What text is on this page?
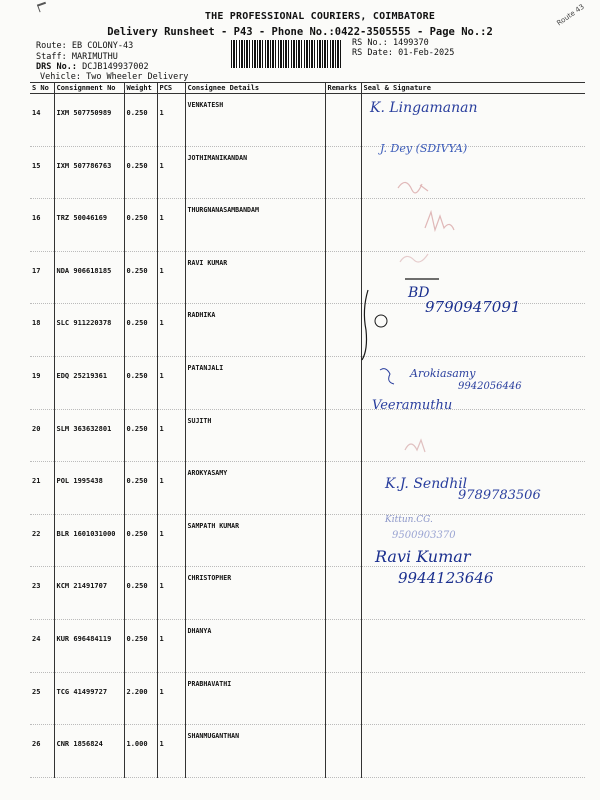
Route 43
THE PROFESSIONAL COURIERS, COIMBATORE
Delivery Runsheet - P43 - Phone No.:0422-3505555 - Page No.:2
Route: EB COLONY-43
Staff: MARIMUTHU
DRS No.: DCJB149937002
Vehicle: Two Wheeler Delivery
RS No.: 1499370
RS Date: 01-Feb-2025
S No	Consignment No	Weight	PCS	Consignee Details	Remarks	Seal & Signature
14	IXM 507750989	0.250	1	VENKATESH		
15	IXM 507786763	0.250	1	JOTHIMANIKANDAN		
16	TRZ 50046169	0.250	1	THURGNANASAMBANDAM		
17	NDA 906618185	0.250	1	RAVI KUMAR		
18	SLC 911220378	0.250	1	RADHIKA		
19	EDQ 25219361	0.250	1	PATANJALI		
20	SLM 363632801	0.250	1	SUJITH		
21	POL 1995438	0.250	1	AROKYASAMY		
22	BLR 1601031000	0.250	1	SAMPATH KUMAR		
23	KCM 21491707	0.250	1	CHRISTOPHER		
24	KUR 696484119	0.250	1	DHANYA		
25	TCG 41499727	2.200	1	PRABHAVATHI		
26	CNR 1856824	1.000	1	SHANMUGANTHAN		
K. Lingamanan
J. Dey (SDIVYA)
BD
9790947091
Arokiasamy
9942056446
Veeramuthu
K.J. Sendhil
9789783506
Kittun.CG.
9500903370
Ravi Kumar
9944123646
